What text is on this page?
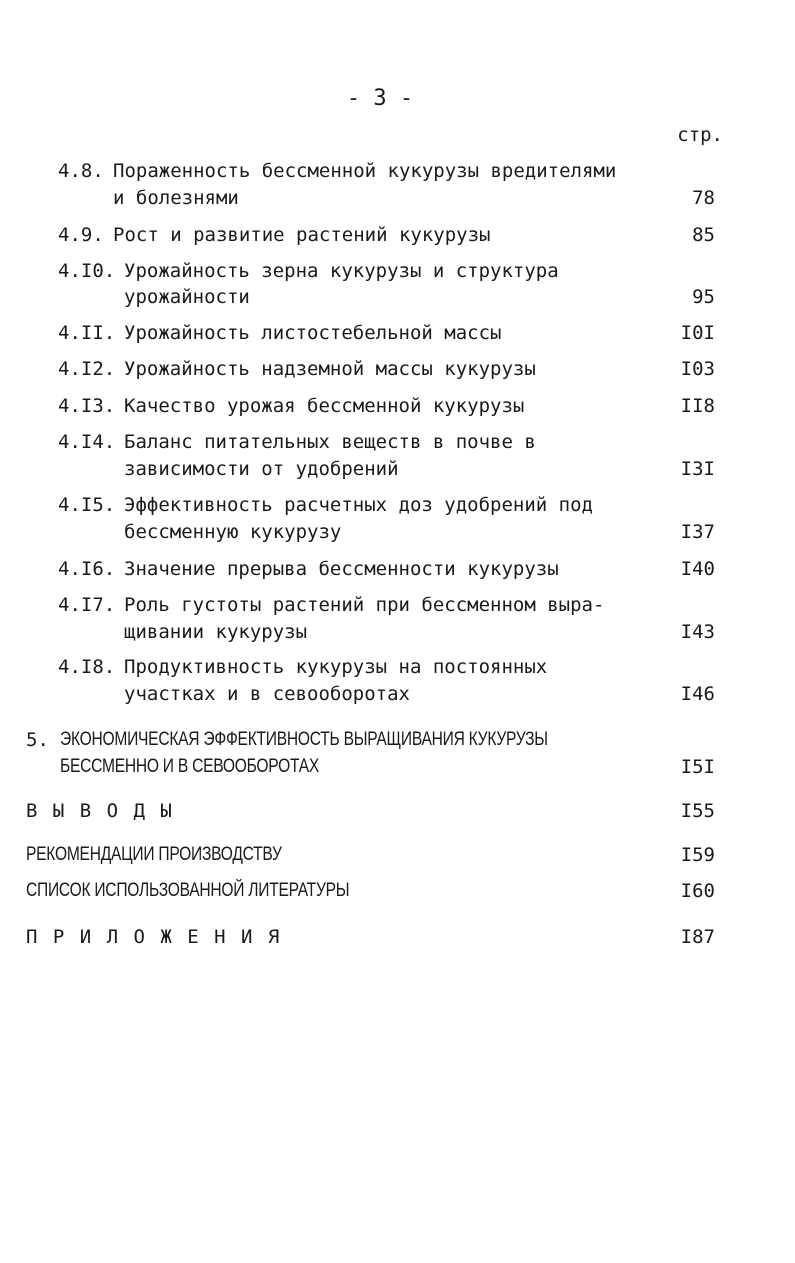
- 3 -
стр.
4.8. Пораженность бессменной кукурузы вредителями
и болезнями	78
4.9. Рост и развитие растений кукурузы	85
4.I0. Урожайность зерна кукурузы и структура
урожайности	95
4.II. Урожайность листостебельной массы	I0I
4.I2. Урожайность надземной массы кукурузы	I03
4.I3. Качество урожая бессменной кукурузы	II8
4.I4. Баланс питательных веществ в почве в
зависимости от удобрений	I3I
4.I5. Эффективность расчетных доз удобрений под
бессменную кукурузу	I37
4.I6. Значение прерыва бессменности кукурузы	I40
4.I7. Роль густоты растений при бессменном выра-
щивании кукурузы	I43
4.I8. Продуктивность кукурузы на постоянных
участках и в севооборотах	I46
5. ЭКОНОМИЧЕСКАЯ ЭФФЕКТИВНОСТЬ ВЫРАЩИВАНИЯ КУКУРУЗЫ
БЕССМЕННО И В СЕВООБОРОТАХ	I5I
В Ы В О Д Ы	I55
РЕКОМЕНДАЦИИ ПРОИЗВОДСТВУ	I59
СПИСОК ИСПОЛЬЗОВАННОЙ ЛИТЕРАТУРЫ	I60
П Р И Л О Ж Е Н И Я	I87
